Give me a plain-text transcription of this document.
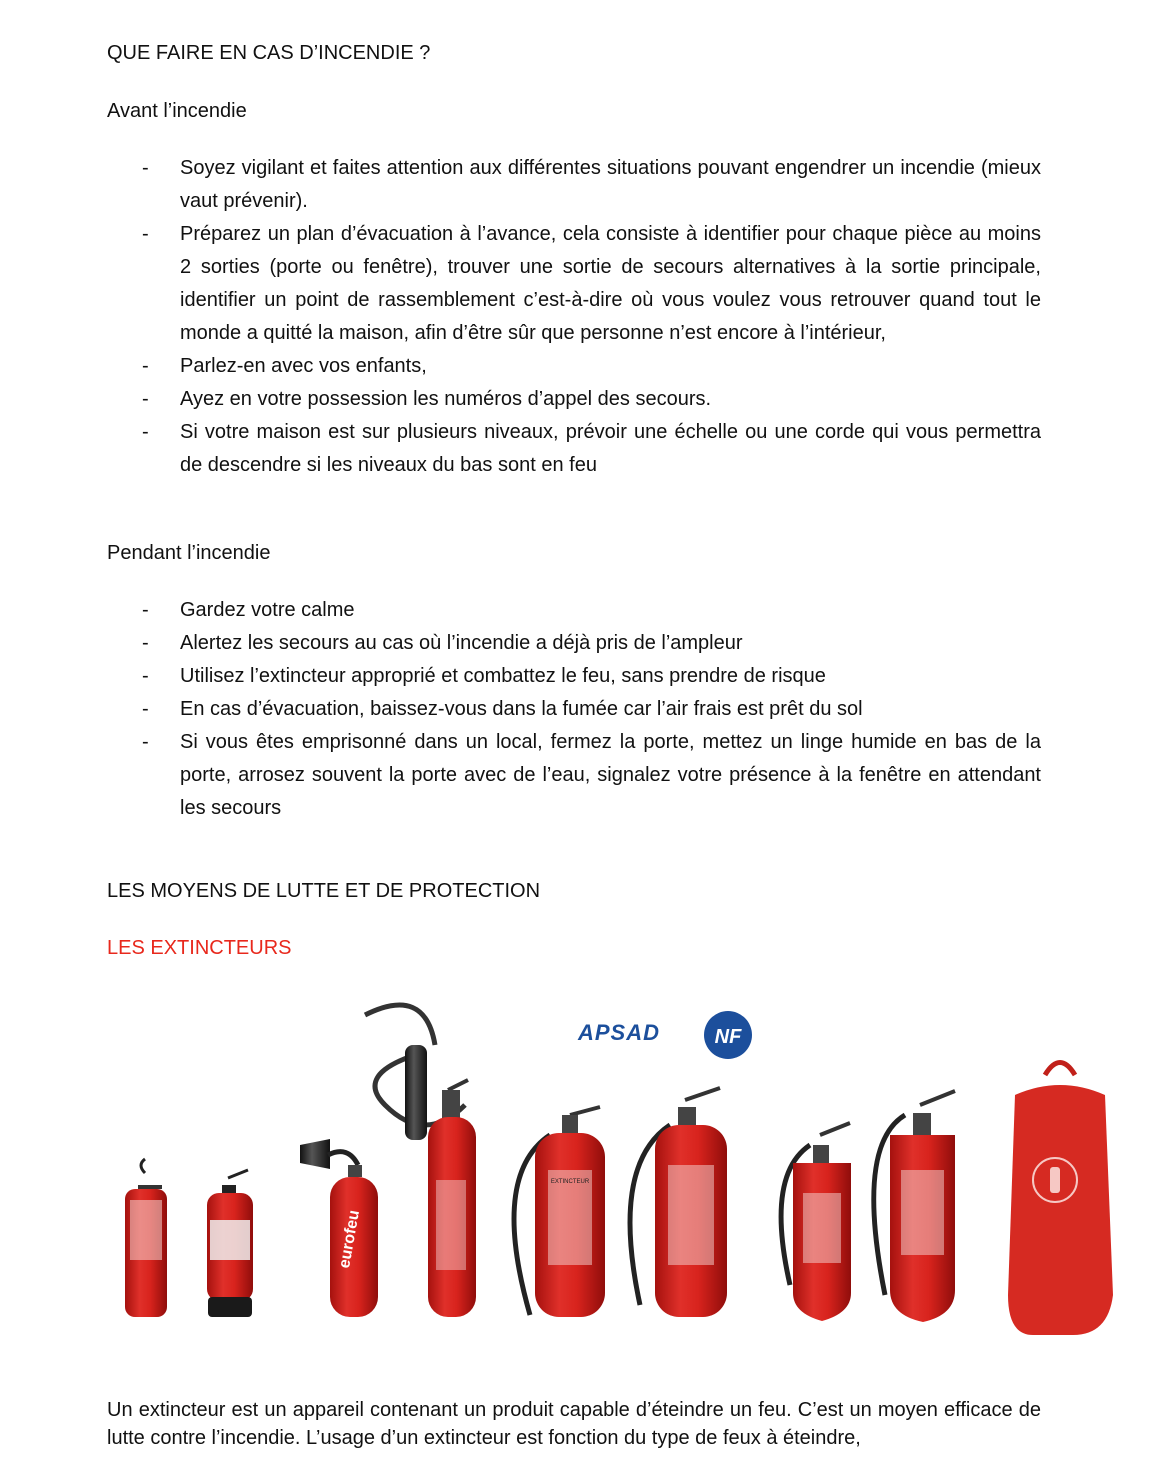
QUE FAIRE EN CAS D’INCENDIE ?
Avant l’incendie
- Soyez vigilant et faites attention aux différentes situations pouvant engendrer un incendie (mieux vaut prévenir).
- Préparez un plan d’évacuation à l’avance, cela consiste à identifier pour chaque pièce au moins 2 sorties (porte ou fenêtre), trouver une sortie de secours alternatives à la sortie principale, identifier un point de rassemblement c’est-à-dire où vous voulez vous retrouver quand tout le monde a quitté la maison, afin d’être sûr que personne n’est encore à l’intérieur,
- Parlez-en avec vos enfants,
- Ayez en votre possession les numéros d’appel des secours.
- Si votre maison est sur plusieurs niveaux, prévoir une échelle ou une corde qui vous permettra de descendre si les niveaux du bas sont en feu
Pendant l’incendie
- Gardez votre calme
- Alertez les secours au cas où l’incendie a déjà pris de l’ampleur
- Utilisez l’extincteur approprié et combattez le feu, sans prendre de risque
- En cas d’évacuation, baissez-vous dans la fumée car l’air frais est prêt du sol
- Si vous êtes emprisonné dans un local, fermez la porte, mettez un linge humide en bas de la porte, arrosez souvent la porte avec de l’eau, signalez votre présence à la fenêtre en attendant les secours
LES MOYENS DE LUTTE ET DE PROTECTION
LES EXTINCTEURS
APSAD	NF
eurofeu
EXTINCTEUR

Un extincteur est un appareil contenant un produit capable d’éteindre un feu. C’est un moyen efficace de lutte contre l’incendie. L’usage d’un extincteur est fonction du type de feux à éteindre,
